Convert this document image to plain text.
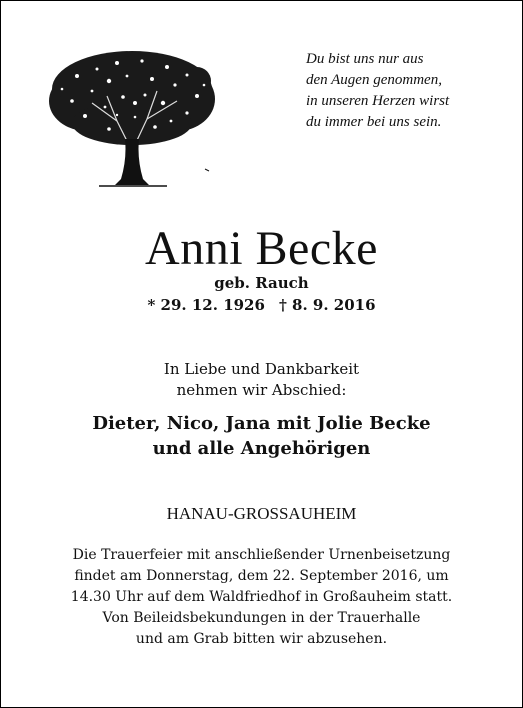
Du bist uns nur aus
den Augen genommen,
in unseren Herzen wirst
du immer bei uns sein.
Anni Becke
geb. Rauch
* 29. 12. 1926 † 8. 9. 2016
In Liebe und Dankbarkeit
nehmen wir Abschied:
Dieter, Nico, Jana mit Jolie Becke
und alle Angehörigen
HANAU-GROSSAUHEIM
Die Trauerfeier mit anschließender Urnenbeisetzung
findet am Donnerstag, dem 22. September 2016, um
14.30 Uhr auf dem Waldfriedhof in Großauheim statt.
Von Beileidsbekundungen in der Trauerhalle
und am Grab bitten wir abzusehen.
